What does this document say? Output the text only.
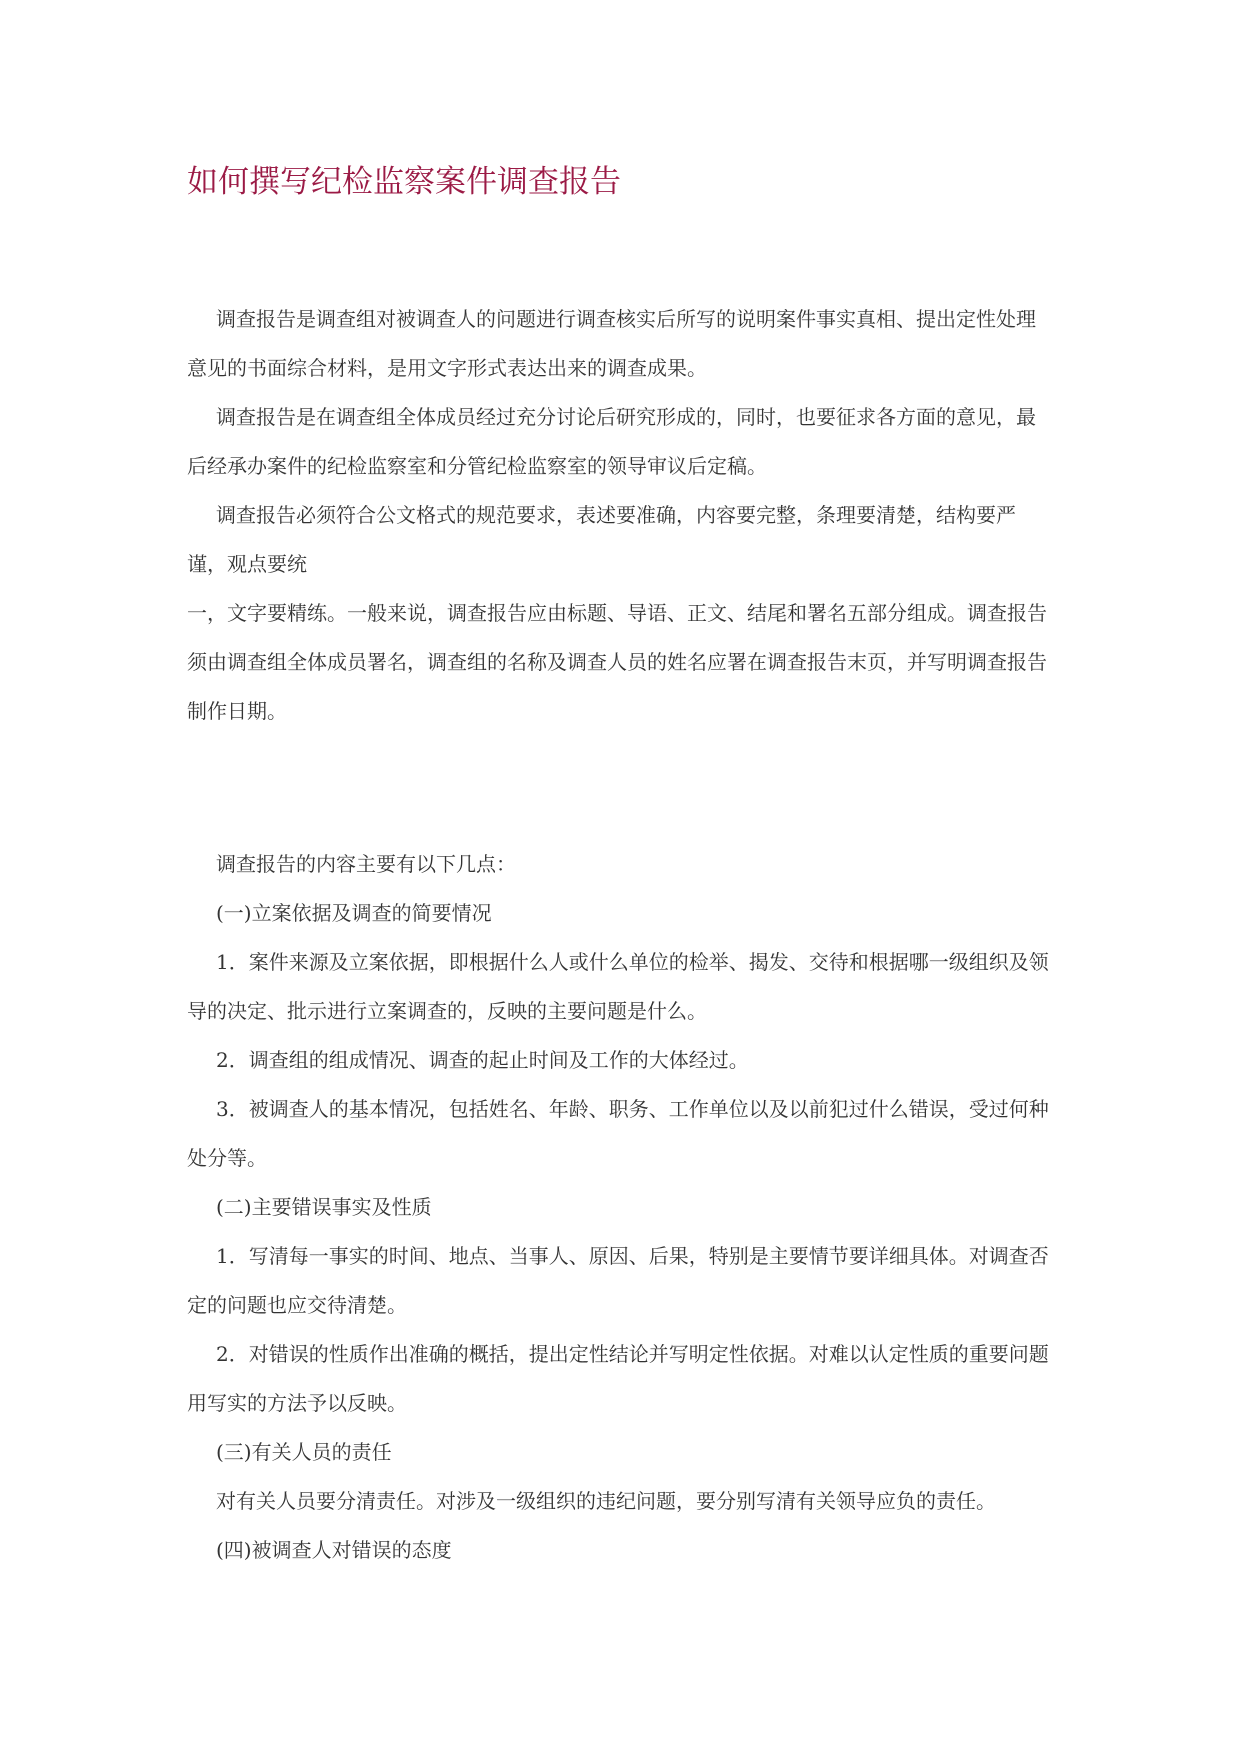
如何撰写纪检监察案件调查报告

调查报告是调查组对被调查人的问题进行调查核实后所写的说明案件事实真相、提出定性处理意见的书面综合材料，是用文字形式表达出来的调查成果。

调查报告是在调查组全体成员经过充分讨论后研究形成的，同时，也要征求各方面的意见，最后经承办案件的纪检监察室和分管纪检监察室的领导审议后定稿。

调查报告必须符合公文格式的规范要求，表述要准确，内容要完整，条理要清楚，结构要严谨，观点要统

一，文字要精练。一般来说，调查报告应由标题、导语、正文、结尾和署名五部分组成。调查报告须由调查组全体成员署名，调查组的名称及调查人员的姓名应署在调查报告末页，并写明调查报告制作日期。

调查报告的内容主要有以下几点：

(一)立案依据及调查的简要情况

1．案件来源及立案依据，即根据什么人或什么单位的检举、揭发、交待和根据哪一级组织及领导的决定、批示进行立案调查的，反映的主要问题是什么。

2．调查组的组成情况、调查的起止时间及工作的大体经过。

3．被调查人的基本情况，包括姓名、年龄、职务、工作单位以及以前犯过什么错误，受过何种处分等。

(二)主要错误事实及性质

1．写清每一事实的时间、地点、当事人、原因、后果，特别是主要情节要详细具体。对调查否定的问题也应交待清楚。

2．对错误的性质作出准确的概括，提出定性结论并写明定性依据。对难以认定性质的重要问题用写实的方法予以反映。

(三)有关人员的责任

对有关人员要分清责任。对涉及一级组织的违纪问题，要分别写清有关领导应负的责任。

(四)被调查人对错误的态度
